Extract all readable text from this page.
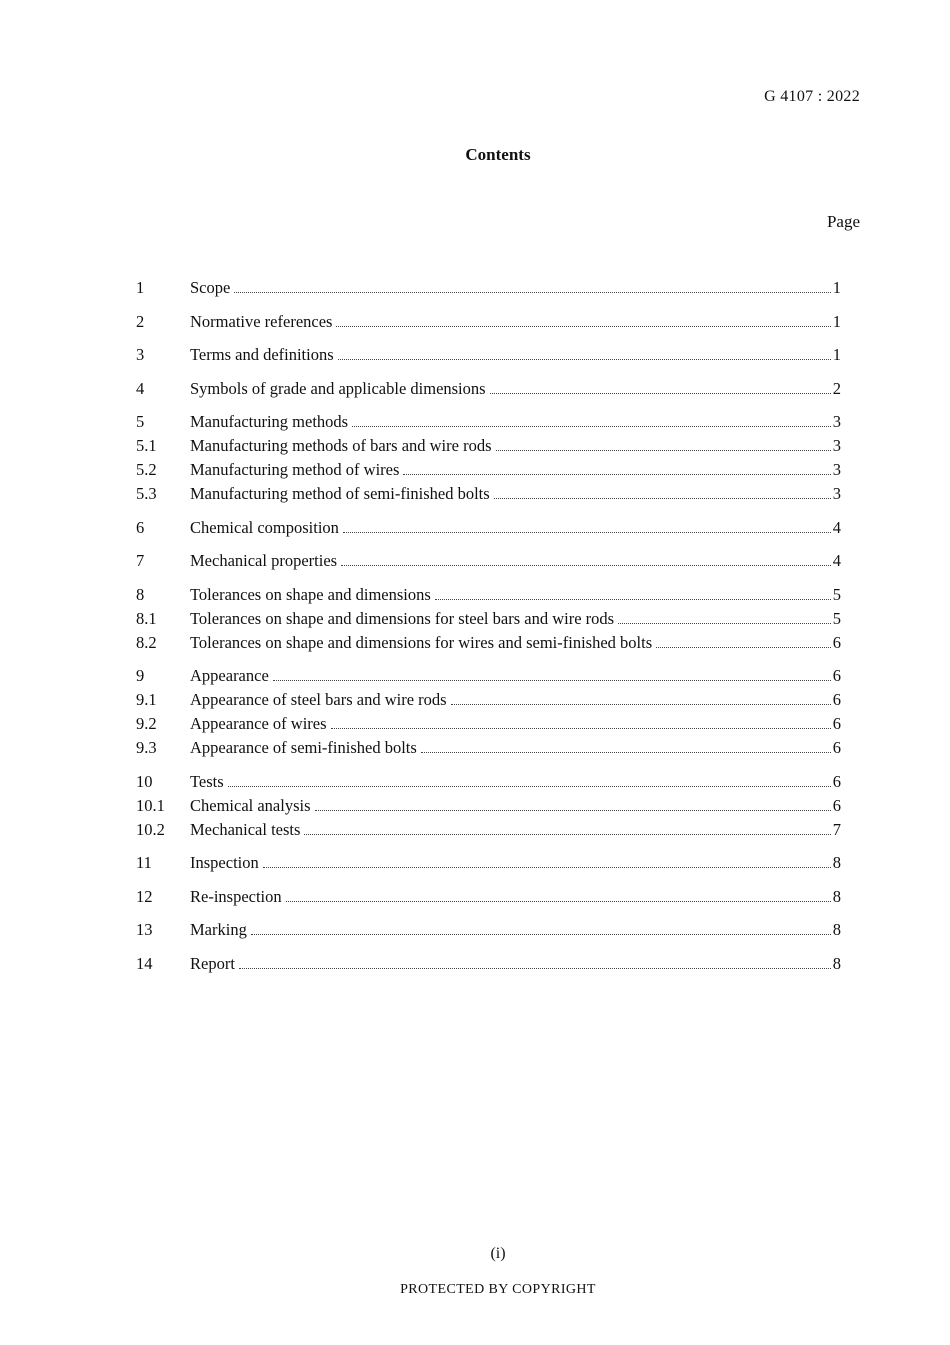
G 4107 : 2022
Contents
Page
1	Scope	1
2	Normative references	1
3	Terms and definitions	1
4	Symbols of grade and applicable dimensions	2
5	Manufacturing methods	3
5.1	Manufacturing methods of bars and wire rods	3
5.2	Manufacturing method of wires	3
5.3	Manufacturing method of semi-finished bolts	3
6	Chemical composition	4
7	Mechanical properties	4
8	Tolerances on shape and dimensions	5
8.1	Tolerances on shape and dimensions for steel bars and wire rods	5
8.2	Tolerances on shape and dimensions for wires and semi-finished bolts	6
9	Appearance	6
9.1	Appearance of steel bars and wire rods	6
9.2	Appearance of wires	6
9.3	Appearance of semi-finished bolts	6
10	Tests	6
10.1	Chemical analysis	6
10.2	Mechanical tests	7
11	Inspection	8
12	Re-inspection	8
13	Marking	8
14	Report	8
(i)
PROTECTED BY COPYRIGHT
